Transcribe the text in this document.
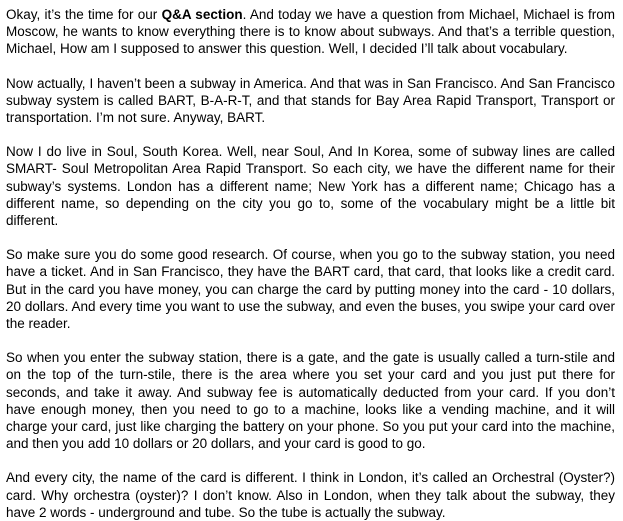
Okay, it’s the time for our Q&A section. And today we have a question from Michael, Michael is from Moscow, he wants to know everything there is to know about subways. And that’s a terrible question, Michael, How am I supposed to answer this question. Well, I decided I’ll talk about vocabulary.

Now actually, I haven’t been a subway in America. And that was in San Francisco. And San Francisco subway system is called BART, B-A-R-T, and that stands for Bay Area Rapid Transport, Transport or transportation. I’m not sure. Anyway, BART.

Now I do live in Soul, South Korea. Well, near Soul, And In Korea, some of subway lines are called SMART- Soul Metropolitan Area Rapid Transport. So each city, we have the different name for their subway’s systems. London has a different name; New York has a different name; Chicago has a different name, so depending on the city you go to, some of the vocabulary might be a little bit different.

So make sure you do some good research. Of course, when you go to the subway station, you need have a ticket. And in San Francisco, they have the BART card, that card, that looks like a credit card. But in the card you have money, you can charge the card by putting money into the card - 10 dollars, 20 dollars. And every time you want to use the subway, and even the buses, you swipe your card over the reader.

So when you enter the subway station, there is a gate, and the gate is usually called a turn-stile and on the top of the turn-stile, there is the area where you set your card and you just put there for seconds, and take it away. And subway fee is automatically deducted from your card. If you don’t have enough money, then you need to go to a machine, looks like a vending machine, and it will charge your card, just like charging the battery on your phone. So you put your card into the machine, and then you add 10 dollars or 20 dollars, and your card is good to go.

And every city, the name of the card is different. I think in London, it’s called an Orchestral (Oyster?) card. Why orchestra (oyster)? I don’t know. Also in London, when they talk about the subway, they have 2 words - underground and tube. So the tube is actually the subway.
